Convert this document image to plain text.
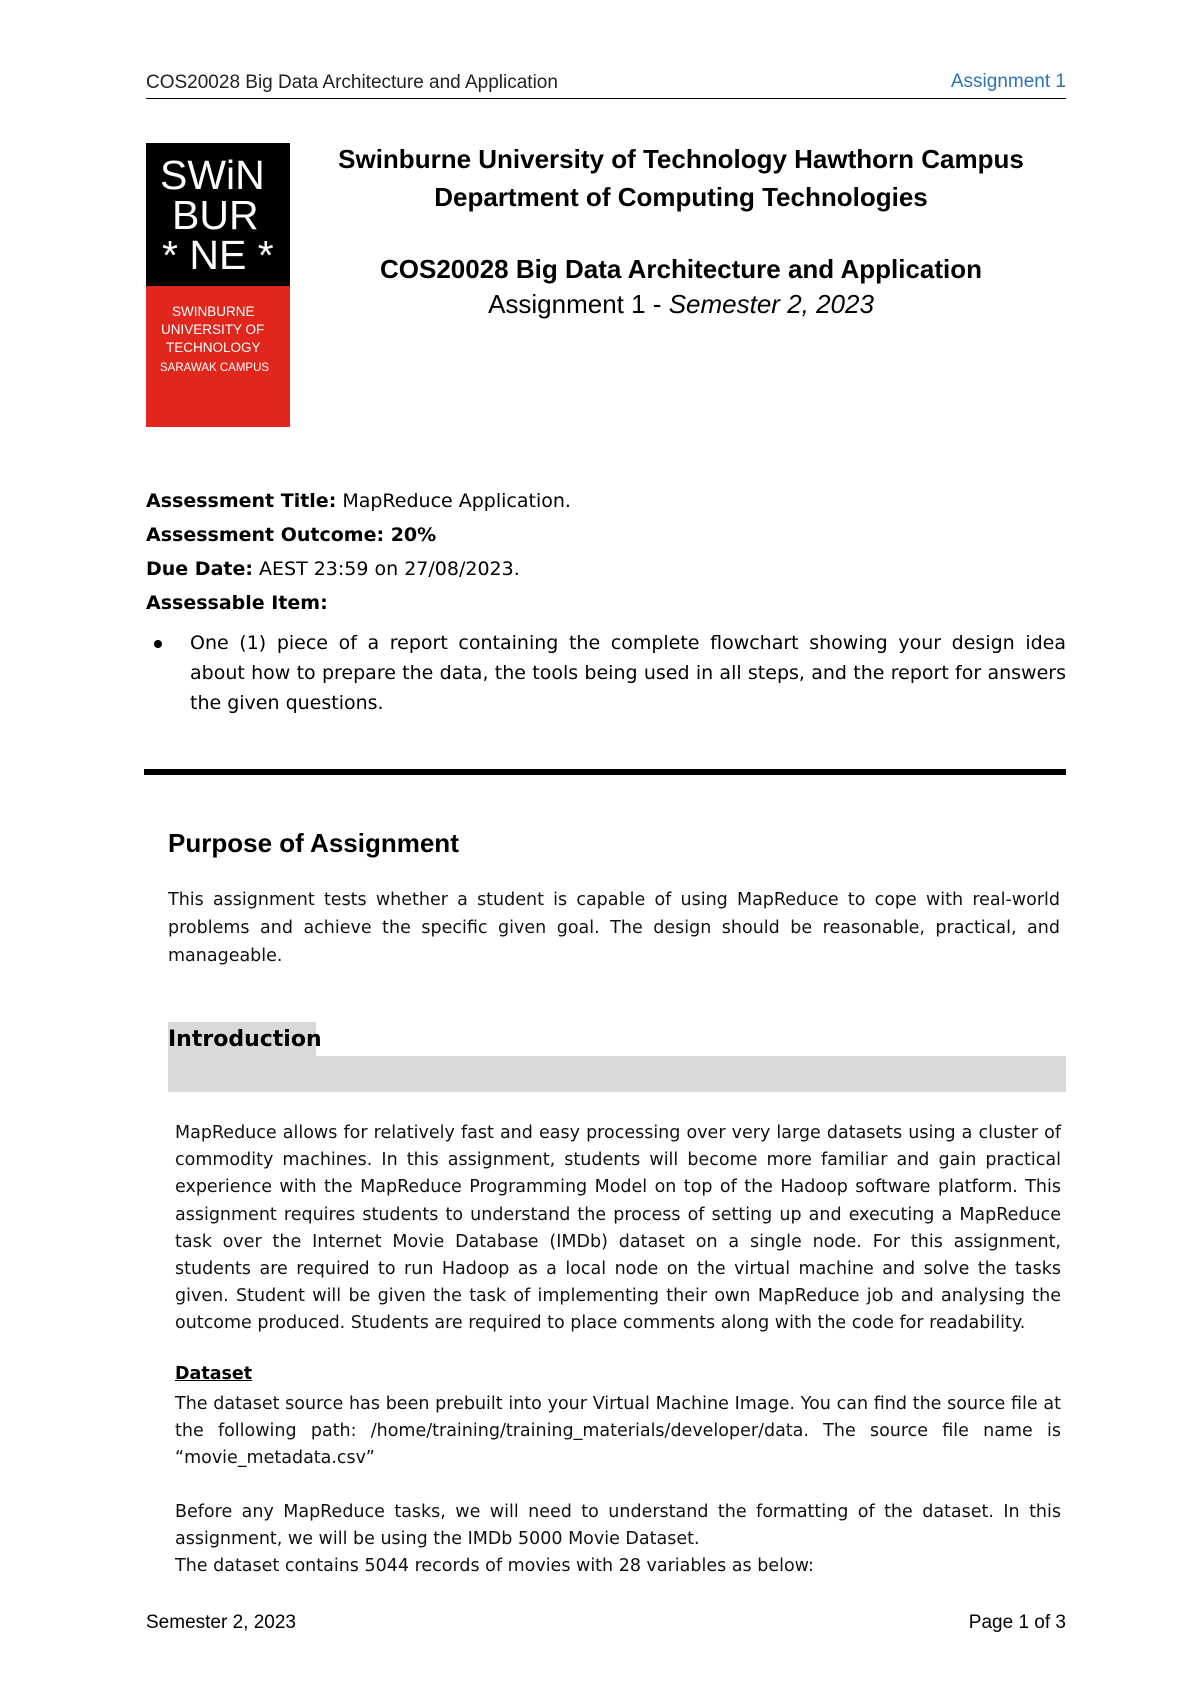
COS20028 Big Data Architecture and Application	Assignment 1
SWiN
BUR
* NE *
SWINBURNE
UNIVERSITY OF
TECHNOLOGY
SARAWAK CAMPUS
Swinburne University of Technology Hawthorn Campus
Department of Computing Technologies
COS20028 Big Data Architecture and Application
Assignment 1 - Semester 2, 2023
Assessment Title: MapReduce Application.
Assessment Outcome: 20%
Due Date: AEST 23:59 on 27/08/2023.
Assessable Item:
One (1) piece of a report containing the complete flowchart showing your design idea about how to prepare the data, the tools being used in all steps, and the report for answers the given questions.
Purpose of Assignment
This assignment tests whether a student is capable of using MapReduce to cope with real-world problems and achieve the specific given goal. The design should be reasonable, practical, and manageable.
Introduction
MapReduce allows for relatively fast and easy processing over very large datasets using a cluster of commodity machines. In this assignment, students will become more familiar and gain practical experience with the MapReduce Programming Model on top of the Hadoop software platform. This assignment requires students to understand the process of setting up and executing a MapReduce task over the Internet Movie Database (IMDb) dataset on a single node. For this assignment, students are required to run Hadoop as a local node on the virtual machine and solve the tasks given. Student will be given the task of implementing their own MapReduce job and analysing the outcome produced. Students are required to place comments along with the code for readability.
Dataset
The dataset source has been prebuilt into your Virtual Machine Image. You can find the source file at the following path: /home/training/training_materials/developer/data. The source file name is “movie_metadata.csv”
Before any MapReduce tasks, we will need to understand the formatting of the dataset. In this assignment, we will be using the IMDb 5000 Movie Dataset.
The dataset contains 5044 records of movies with 28 variables as below:
Semester 2, 2023	Page 1 of 3
